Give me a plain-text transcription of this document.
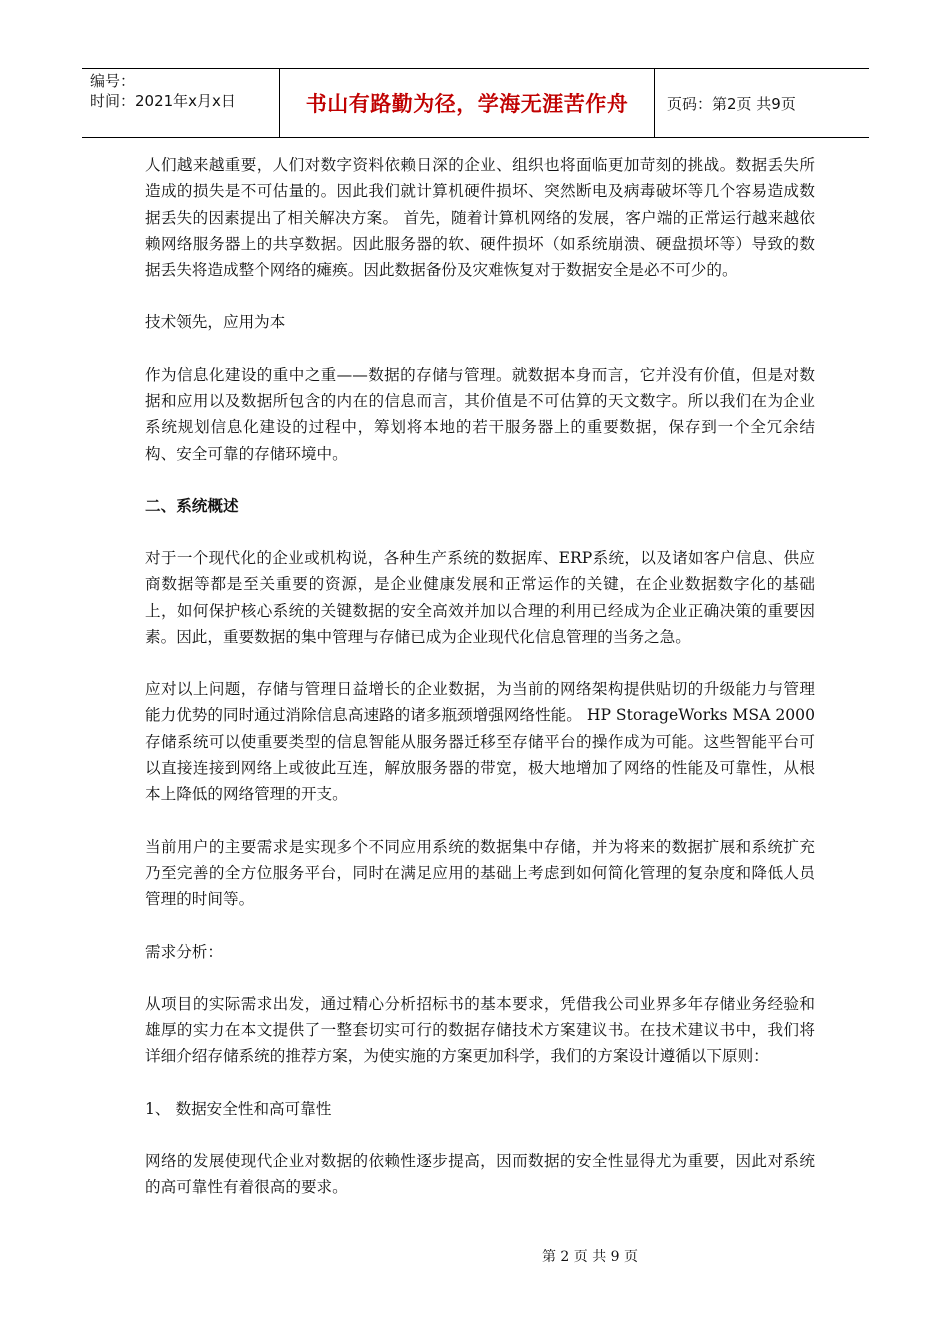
编号：
时间：2021年x月x日	书山有路勤为径，学海无涯苦作舟	页码：第2页 共9页

人们越来越重要，人们对数字资料依赖日深的企业、组织也将面临更加苛刻的挑战。数据丢失所造成的损失是不可估量的。因此我们就计算机硬件损坏、突然断电及病毒破坏等几个容易造成数据丢失的因素提出了相关解决方案。 首先，随着计算机网络的发展，客户端的正常运行越来越依赖网络服务器上的共享数据。因此服务器的软、硬件损坏（如系统崩溃、硬盘损坏等）导致的数据丢失将造成整个网络的瘫痪。因此数据备份及灾难恢复对于数据安全是必不可少的。

技术领先，应用为本

作为信息化建设的重中之重——数据的存储与管理。就数据本身而言，它并没有价值，但是对数据和应用以及数据所包含的内在的信息而言，其价值是不可估算的天文数字。所以我们在为企业系统规划信息化建设的过程中，筹划将本地的若干服务器上的重要数据，保存到一个全冗余结构、安全可靠的存储环境中。

二、系统概述

对于一个现代化的企业或机构说，各种生产系统的数据库、ERP系统，以及诸如客户信息、供应商数据等都是至关重要的资源，是企业健康发展和正常运作的关键，在企业数据数字化的基础上，如何保护核心系统的关键数据的安全高效并加以合理的利用已经成为企业正确决策的重要因素。因此，重要数据的集中管理与存储已成为企业现代化信息管理的当务之急。

应对以上问题，存储与管理日益增长的企业数据，为当前的网络架构提供贴切的升级能力与管理能力优势的同时通过消除信息高速路的诸多瓶颈增强网络性能。 HP StorageWorks MSA 2000存储系统可以使重要类型的信息智能从服务器迁移至存储平台的操作成为可能。这些智能平台可以直接连接到网络上或彼此互连，解放服务器的带宽，极大地增加了网络的性能及可靠性，从根本上降低的网络管理的开支。

当前用户的主要需求是实现多个不同应用系统的数据集中存储，并为将来的数据扩展和系统扩充乃至完善的全方位服务平台，同时在满足应用的基础上考虑到如何简化管理的复杂度和降低人员管理的时间等。

需求分析：

从项目的实际需求出发，通过精心分析招标书的基本要求，凭借我公司业界多年存储业务经验和雄厚的实力在本文提供了一整套切实可行的数据存储技术方案建议书。在技术建议书中，我们将详细介绍存储系统的推荐方案，为使实施的方案更加科学，我们的方案设计遵循以下原则：

1、 数据安全性和高可靠性

网络的发展使现代企业对数据的依赖性逐步提高，因而数据的安全性显得尤为重要，因此对系统的高可靠性有着很高的要求。

第 2 页 共 9 页
